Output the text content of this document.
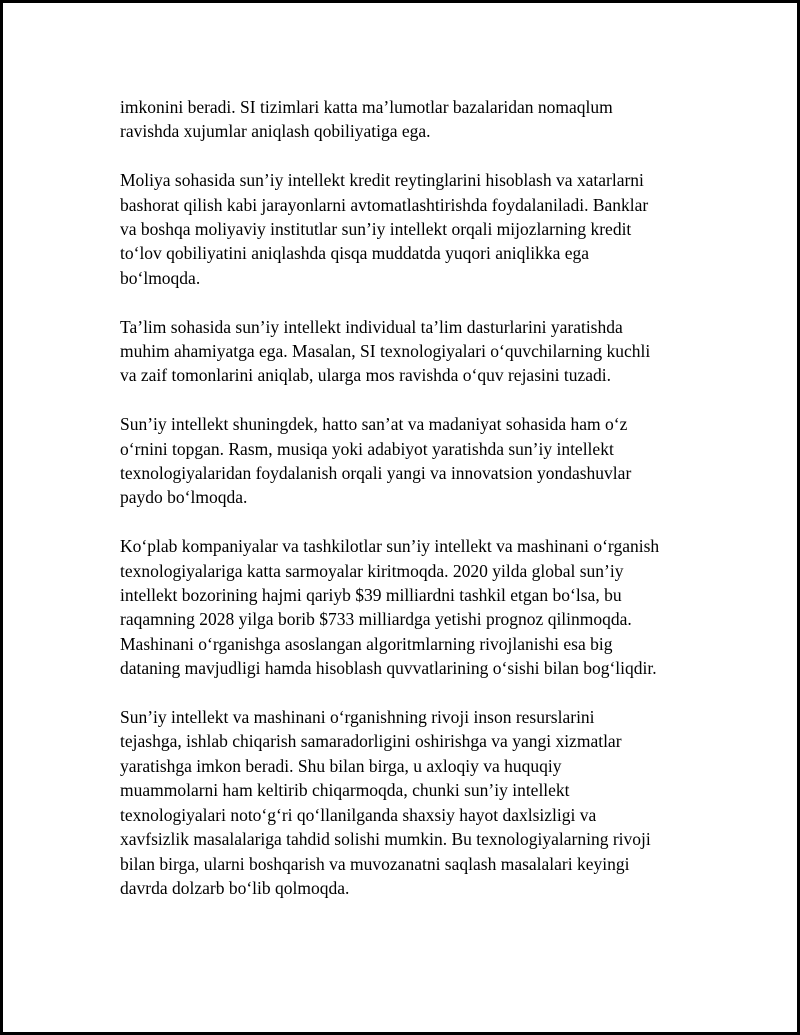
imkonini beradi. SI tizimlari katta ma’lumotlar bazalaridan nomaqlum
ravishda xujumlar aniqlash qobiliyatiga ega.

Moliya sohasida sun’iy intellekt kredit reytinglarini hisoblash va xatarlarni
bashorat qilish kabi jarayonlarni avtomatlashtirishda foydalaniladi. Banklar
va boshqa moliyaviy institutlar sun’iy intellekt orqali mijozlarning kredit
to‘lov qobiliyatini aniqlashda qisqa muddatda yuqori aniqlikka ega
bo‘lmoqda.

Ta’lim sohasida sun’iy intellekt individual ta’lim dasturlarini yaratishda
muhim ahamiyatga ega. Masalan, SI texnologiyalari o‘quvchilarning kuchli
va zaif tomonlarini aniqlab, ularga mos ravishda o‘quv rejasini tuzadi.

Sun’iy intellekt shuningdek, hatto san’at va madaniyat sohasida ham o‘z
o‘rnini topgan. Rasm, musiqa yoki adabiyot yaratishda sun’iy intellekt
texnologiyalaridan foydalanish orqali yangi va innovatsion yondashuvlar
paydo bo‘lmoqda.

Ko‘plab kompaniyalar va tashkilotlar sun’iy intellekt va mashinani o‘rganish
texnologiyalariga katta sarmoyalar kiritmoqda. 2020 yilda global sun’iy
intellekt bozorining hajmi qariyb $39 milliardni tashkil etgan bo‘lsa, bu
raqamning 2028 yilga borib $733 milliardga yetishi prognoz qilinmoqda.
Mashinani o‘rganishga asoslangan algoritmlarning rivojlanishi esa big
dataning mavjudligi hamda hisoblash quvvatlarining o‘sishi bilan bog‘liqdir.

Sun’iy intellekt va mashinani o‘rganishning rivoji inson resurslarini
tejashga, ishlab chiqarish samaradorligini oshirishga va yangi xizmatlar
yaratishga imkon beradi. Shu bilan birga, u axloqiy va huquqiy
muammolarni ham keltirib chiqarmoqda, chunki sun’iy intellekt
texnologiyalari noto‘g‘ri qo‘llanilganda shaxsiy hayot daxlsizligi va
xavfsizlik masalalariga tahdid solishi mumkin. Bu texnologiyalarning rivoji
bilan birga, ularni boshqarish va muvozanatni saqlash masalalari keyingi
davrda dolzarb bo‘lib qolmoqda.
